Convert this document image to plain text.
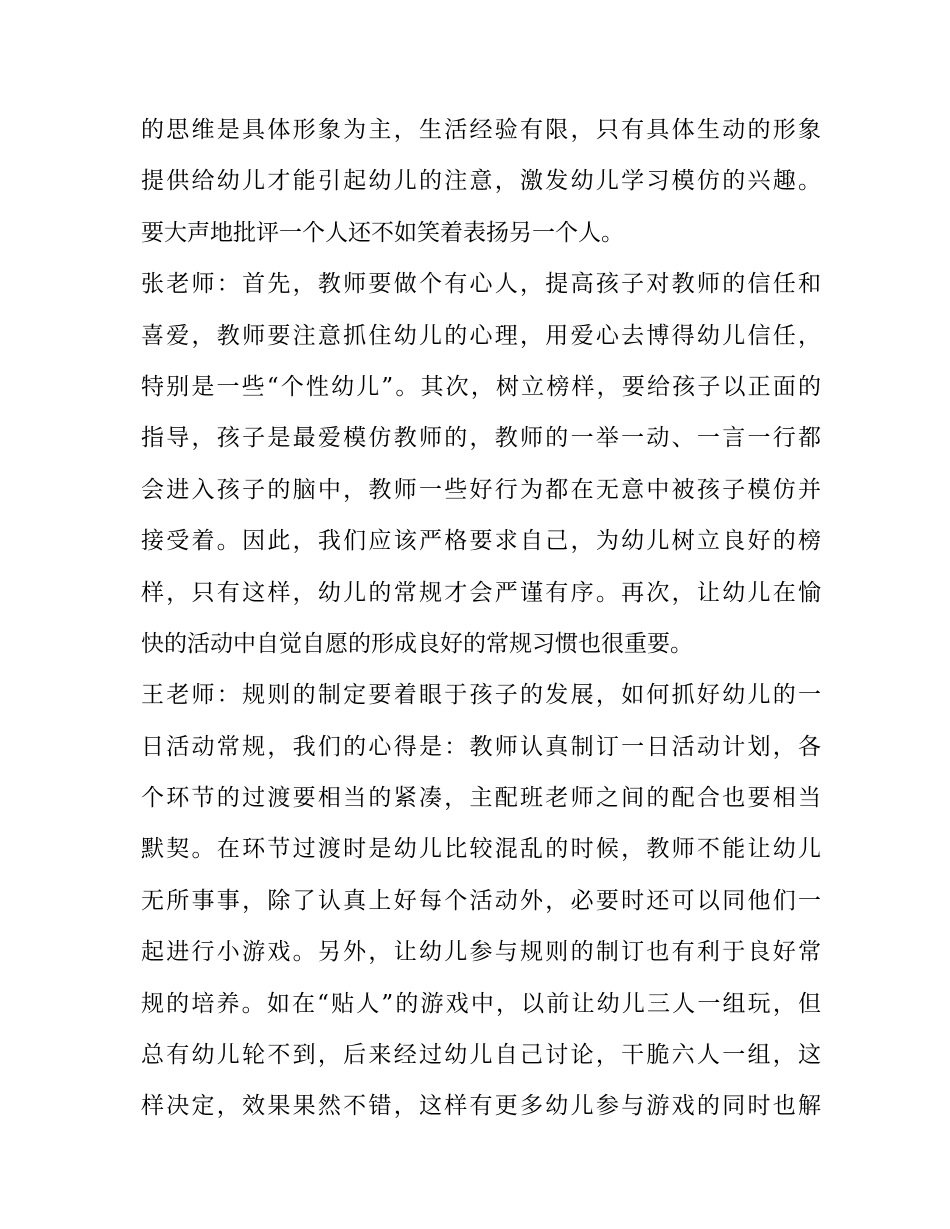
的思维是具体形象为主，生活经验有限，只有具体生动的形象
提供给幼儿才能引起幼儿的注意，激发幼儿学习模仿的兴趣。
要大声地批评一个人还不如笑着表扬另一个人。
张老师：首先，教师要做个有心人，提高孩子对教师的信任和
喜爱，教师要注意抓住幼儿的心理，用爱心去博得幼儿信任，
特别是一些“个性幼儿”。其次，树立榜样，要给孩子以正面的
指导，孩子是最爱模仿教师的，教师的一举一动、一言一行都
会进入孩子的脑中，教师一些好行为都在无意中被孩子模仿并
接受着。因此，我们应该严格要求自己，为幼儿树立良好的榜
样，只有这样，幼儿的常规才会严谨有序。再次，让幼儿在愉
快的活动中自觉自愿的形成良好的常规习惯也很重要。
王老师：规则的制定要着眼于孩子的发展，如何抓好幼儿的一
日活动常规，我们的心得是：教师认真制订一日活动计划，各
个环节的过渡要相当的紧凑，主配班老师之间的配合也要相当
默契。在环节过渡时是幼儿比较混乱的时候，教师不能让幼儿
无所事事，除了认真上好每个活动外，必要时还可以同他们一
起进行小游戏。另外，让幼儿参与规则的制订也有利于良好常
规的培养。如在“贴人”的游戏中，以前让幼儿三人一组玩，但
总有幼儿轮不到，后来经过幼儿自己讨论，干脆六人一组，这
样决定，效果果然不错，这样有更多幼儿参与游戏的同时也解
